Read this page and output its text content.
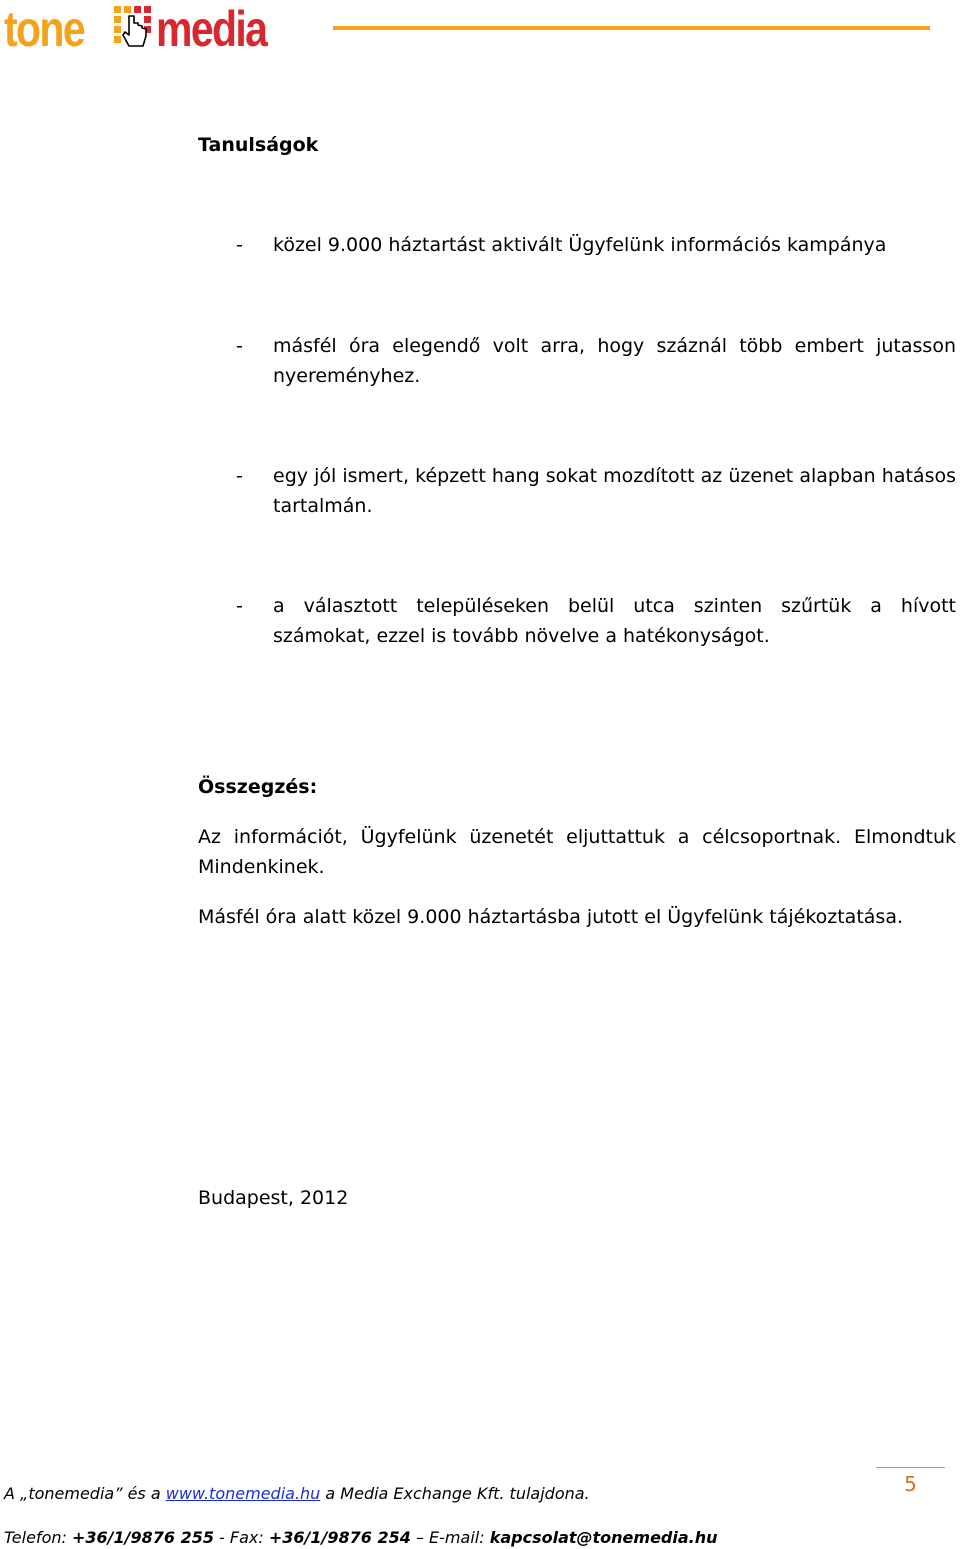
tone media
Tanulságok
-	közel 9.000 háztartást aktivált Ügyfelünk információs kampánya
-	másfél óra elegendő volt arra, hogy száznál több embert jutasson nyereményhez.
-	egy jól ismert, képzett hang sokat mozdított az üzenet alapban hatásos tartalmán.
-	a választott településeken belül utca szinten szűrtük a hívott számokat, ezzel is tovább növelve a hatékonyságot.
Összegzés:
Az információt, Ügyfelünk üzenetét eljuttattuk a célcsoportnak. Elmondtuk Mindenkinek.
Másfél óra alatt közel 9.000 háztartásba jutott el Ügyfelünk tájékoztatása.
Budapest, 2012
5
A „tonemedia” és a www.tonemedia.hu a Media Exchange Kft. tulajdona.
Telefon: +36/1/9876 255 - Fax: +36/1/9876 254 – E-mail: kapcsolat@tonemedia.hu
